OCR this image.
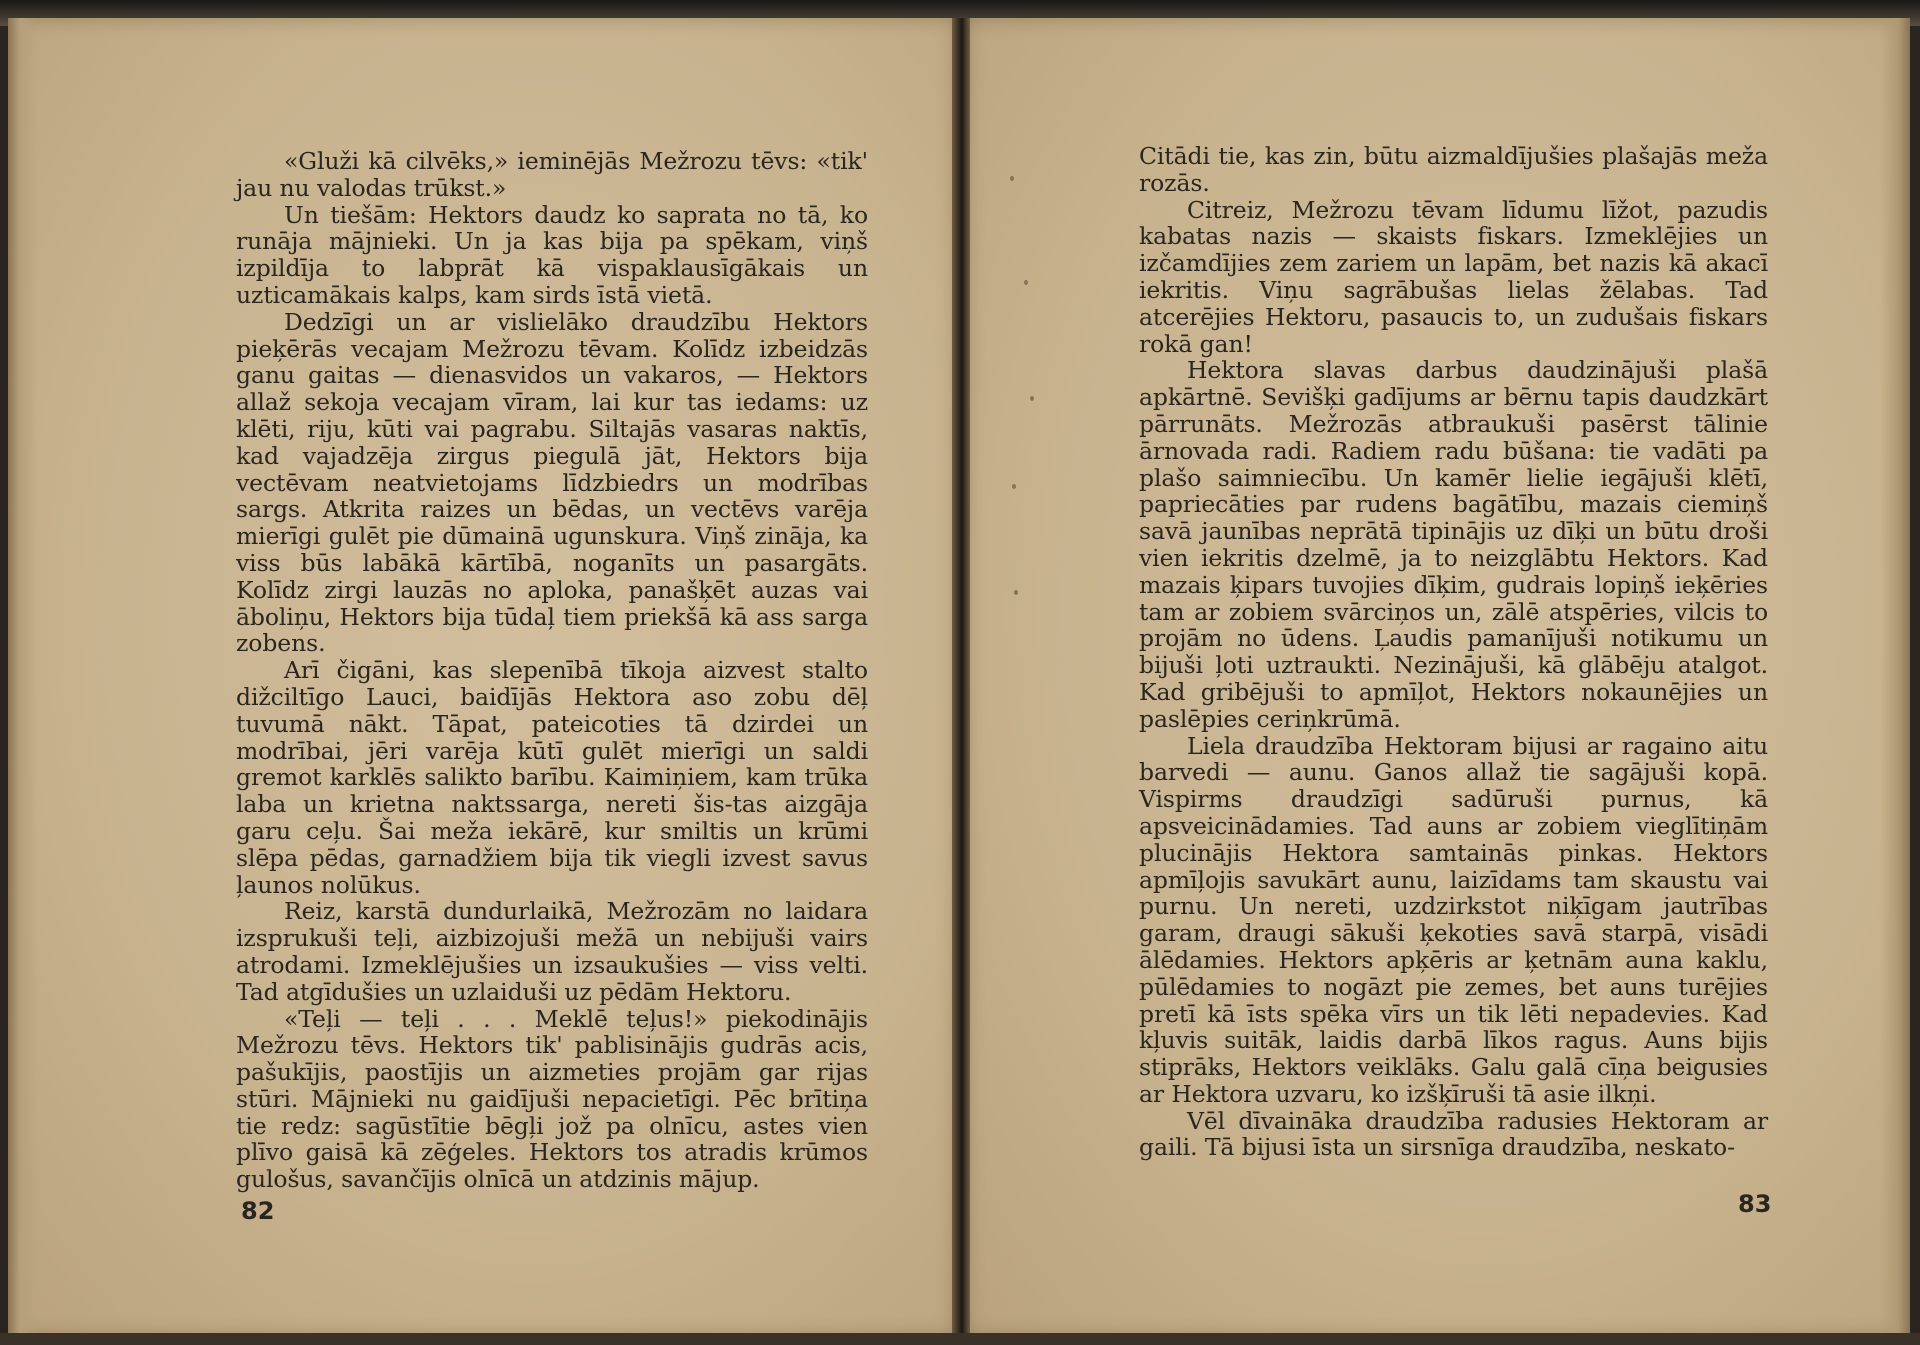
«Gluži kā cilvēks,» ieminējās Mežrozu tēvs: «tik' jau nu valodas trūkst.»

Un tiešām: Hektors daudz ko saprata no tā, ko runāja mājnieki. Un ja kas bija pa spēkam, viņš izpildīja to labprāt kā vispaklausīgākais un uzticamākais kalps, kam sirds īstā vietā.

Dedzīgi un ar vislielāko draudzību Hektors pieķērās vecajam Mežrozu tēvam. Kolīdz izbeidzās ganu gaitas — dienasvidos un vakaros, — Hektors allaž sekoja vecajam vīram, lai kur tas iedams: uz klēti, riju, kūti vai pagrabu. Siltajās vasaras naktīs, kad vajadzēja zirgus piegulā jāt, Hektors bija vectēvam neatvietojams līdzbiedrs un modrības sargs. Atkrita raizes un bēdas, un vectēvs varēja mierīgi gulēt pie dūmainā ugunskura. Viņš zināja, ka viss būs labākā kārtībā, noganīts un pasargāts. Kolīdz zirgi lauzās no aploka, panašķēt auzas vai āboliņu, Hektors bija tūdaļ tiem priekšā kā ass sarga zobens.

Arī čigāni, kas slepenībā tīkoja aizvest stalto dižciltīgo Lauci, baidījās Hektora aso zobu dēļ tuvumā nākt. Tāpat, pateicoties tā dzirdei un modrībai, jēri varēja kūtī gulēt mierīgi un saldi gremot karklēs salikto barību. Kaimiņiem, kam trūka laba un krietna naktssarga, nereti šis-tas aizgāja garu ceļu. Šai meža iekārē, kur smiltis un krūmi slēpa pēdas, garnadžiem bija tik viegli izvest savus ļaunos nolūkus.

Reiz, karstā dundurlaikā, Mežrozām no laidara izsprukuši teļi, aizbizojuši mežā un nebijuši vairs atrodami. Izmeklējušies un izsaukušies — viss velti. Tad atgīdušies un uzlaiduši uz pēdām Hektoru.

«Teļi — teļi . . . Meklē teļus!» piekodinājis Mežrozu tēvs. Hektors tik' pablisinājis gudrās acis, pašukījis, paostījis un aizmeties projām gar rijas stūri. Mājnieki nu gaidījuši nepacietīgi. Pēc brītiņa tie redz: sagūstītie bēgļi jož pa olnīcu, astes vien plīvo gaisā kā zēģeles. Hektors tos atradis krūmos gulošus, savančījis olnīcā un atdzinis mājup.

Citādi tie, kas zin, būtu aizmaldījušies plašajās meža rozās.

Citreiz, Mežrozu tēvam līdumu līžot, pazudis kabatas nazis — skaists fiskars. Izmeklējies un izčamdījies zem zariem un lapām, bet nazis kā akacī iekritis. Viņu sagrābušas lielas žēlabas. Tad atcerējies Hektoru, pasaucis to, un zudušais fiskars rokā gan!

Hektora slavas darbus daudzinājuši plašā apkārtnē. Sevišķi gadījums ar bērnu tapis daudzkārt pārrunāts. Mežrozās atbraukuši pasērst tālinie ārnovada radi. Radiem radu būšana: tie vadāti pa plašo saimniecību. Un kamēr lielie iegājuši klētī, papriecāties par rudens bagātību, mazais ciemiņš savā jaunības neprātā tipinājis uz dīķi un būtu droši vien iekritis dzelmē, ja to neizglābtu Hektors. Kad mazais ķipars tuvojies dīķim, gudrais lopiņš ieķēries tam ar zobiem svārciņos un, zālē atspēries, vilcis to projām no ūdens. Ļaudis pamanījuši notikumu un bijuši ļoti uztraukti. Nezinājuši, kā glābēju atalgot. Kad gribējuši to apmīļot, Hektors nokaunējies un paslēpies ceriņkrūmā.

Liela draudzība Hektoram bijusi ar ragaino aitu barvedi — aunu. Ganos allaž tie sagājuši kopā. Vispirms draudzīgi sadūruši purnus, kā apsveicinādamies. Tad auns ar zobiem vieglītiņām plucinājis Hektora samtainās pinkas. Hektors apmīļojis savukārt aunu, laizīdams tam skaustu vai purnu. Un nereti, uzdzirkstot niķīgam jautrības garam, draugi sākuši ķekoties savā starpā, visādi ālēdamies. Hektors apķēris ar ķetnām auna kaklu, pūlēdamies to nogāzt pie zemes, bet auns turējies pretī kā īsts spēka vīrs un tik lēti nepadevies. Kad kļuvis suitāk, laidis darbā līkos ragus. Auns bijis stiprāks, Hektors veiklāks. Galu galā cīņa beigusies ar Hektora uzvaru, ko izšķīruši tā asie ilkņi.

Vēl dīvaināka draudzība radusies Hektoram ar gaili. Tā bijusi īsta un sirsnīga draudzība, neskato-

82	83
